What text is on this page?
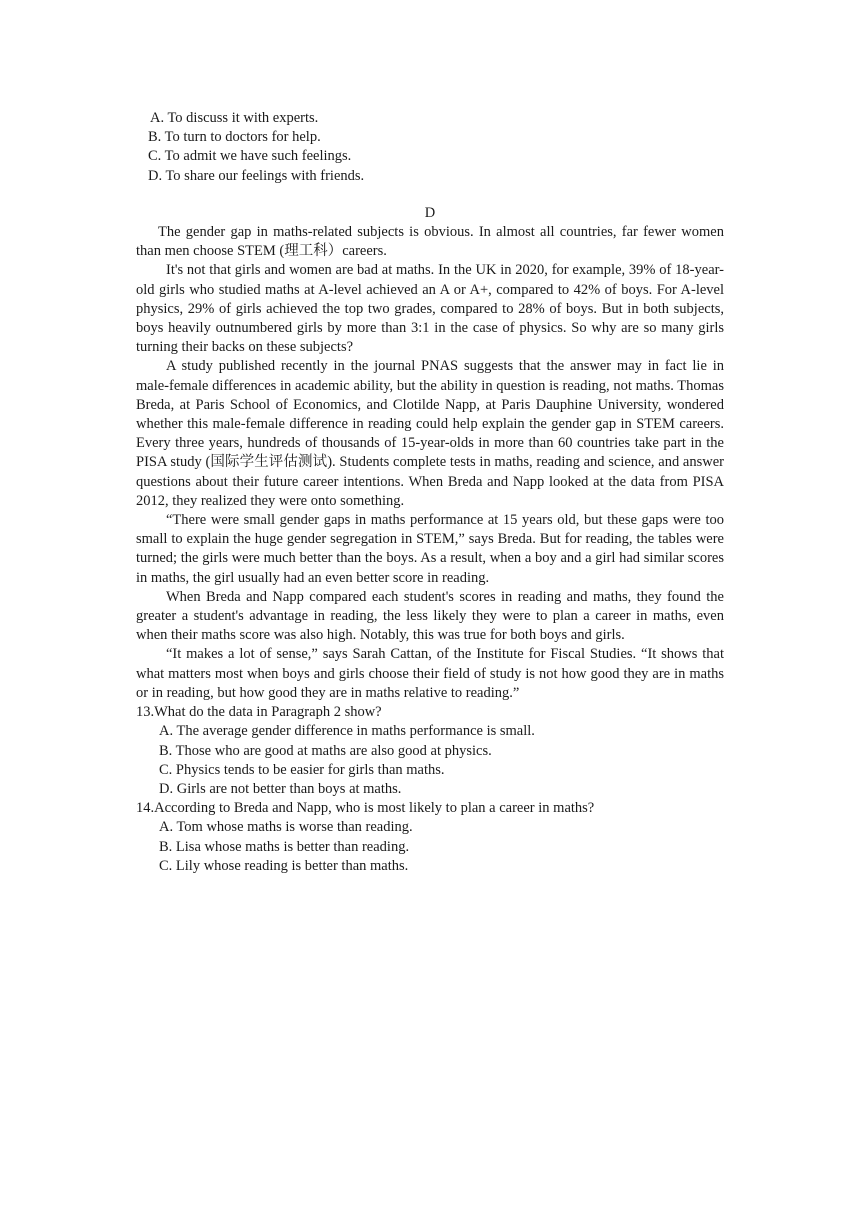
A. To discuss it with experts.

B. To turn to doctors for help.

C. To admit we have such feelings.

D. To share our feelings with friends.

D

The gender gap in maths-related subjects is obvious. In almost all countries, far fewer women than men choose STEM (理工科）careers.

It's not that girls and women are bad at maths. In the UK in 2020, for example, 39% of 18-year-old girls who studied maths at A-level achieved an A or A+, compared to 42% of boys. For A-level physics, 29% of girls achieved the top two grades, compared to 28% of boys. But in both subjects, boys heavily outnumbered girls by more than 3:1 in the case of physics. So why are so many girls turning their backs on these subjects?

A study published recently in the journal PNAS suggests that the answer may in fact lie in male-female differences in academic ability, but the ability in question is reading, not maths. Thomas Breda, at Paris School of Economics, and Clotilde Napp, at Paris Dauphine University, wondered whether this male-female difference in reading could help explain the gender gap in STEM careers. Every three years, hundreds of thousands of 15-year-olds in more than 60 countries take part in the PISA study (国际学生评估测试). Students complete tests in maths, reading and science, and answer questions about their future career intentions. When Breda and Napp looked at the data from PISA 2012, they realized they were onto something.

“There were small gender gaps in maths performance at 15 years old, but these gaps were too small to explain the huge gender segregation in STEM,” says Breda. But for reading, the tables were turned; the girls were much better than the boys. As a result, when a boy and a girl had similar scores in maths, the girl usually had an even better score in reading.

When Breda and Napp compared each student's scores in reading and maths, they found the greater a student's advantage in reading, the less likely they were to plan a career in maths, even when their maths score was also high. Notably, this was true for both boys and girls.

“It makes a lot of sense,” says Sarah Cattan, of the Institute for Fiscal Studies. “It shows that what matters most when boys and girls choose their field of study is not how good they are in maths or in reading, but how good they are in maths relative to reading.”

13.What do the data in Paragraph 2 show?

A. The average gender difference in maths performance is small.

B. Those who are good at maths are also good at physics.

C. Physics tends to be easier for girls than maths.

D. Girls are not better than boys at maths.

14.According to Breda and Napp, who is most likely to plan a career in maths?

A. Tom whose maths is worse than reading.

B. Lisa whose maths is better than reading.

C. Lily whose reading is better than maths.
